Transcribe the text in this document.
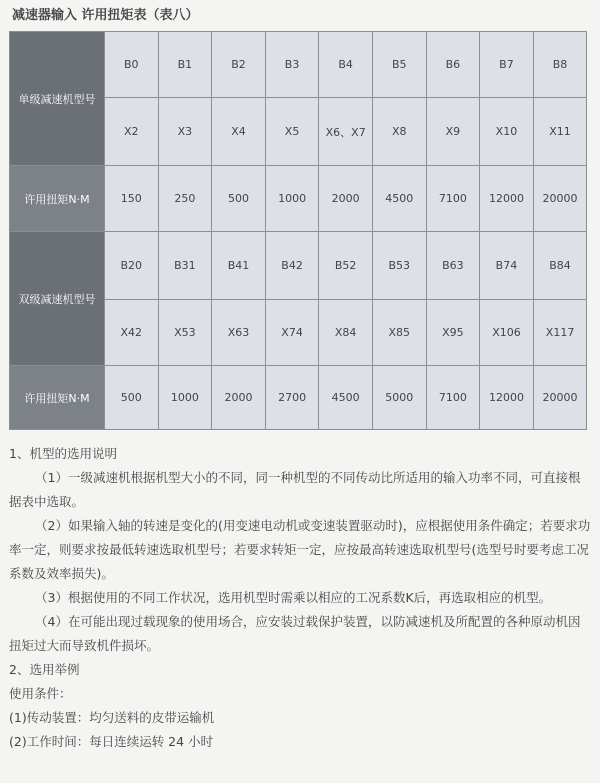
减速器输入 许用扭矩表（表八）
单级减速机型号	B0	B1	B2	B3	B4	B5	B6	B7	B8
	X2	X3	X4	X5	X6、X7	X8	X9	X10	X11
许用扭矩N·M	150	250	500	1000	2000	4500	7100	12000	20000
双级减速机型号	B20	B31	B41	B42	B52	B53	B63	B74	B84
	X42	X53	X63	X74	X84	X85	X95	X106	X117
许用扭矩N·M	500	1000	2000	2700	4500	5000	7100	12000	20000

1、机型的选用说明

（1）一级减速机根据机型大小的不同，同一种机型的不同传动比所适用的输入功率不同，可直接根据表中选取。

（2）如果输入轴的转速是变化的(用变速电动机或变速装置驱动时)，应根据使用条件确定；若要求功率一定，则要求按最低转速选取机型号；若要求转矩一定，应按最高转速选取机型号(选型号时要考虑工况系数及效率损失)。

（3）根据使用的不同工作状况，选用机型时需乘以相应的工况系数K后，再选取相应的机型。

（4）在可能出现过载现象的使用场合，应安装过载保护装置，以防减速机及所配置的各种原动机因扭矩过大而导致机件损坏。

2、选用举例

使用条件：

(1)传动装置：均匀送料的皮带运输机

(2)工作时间：每日连续运转 24 小时
